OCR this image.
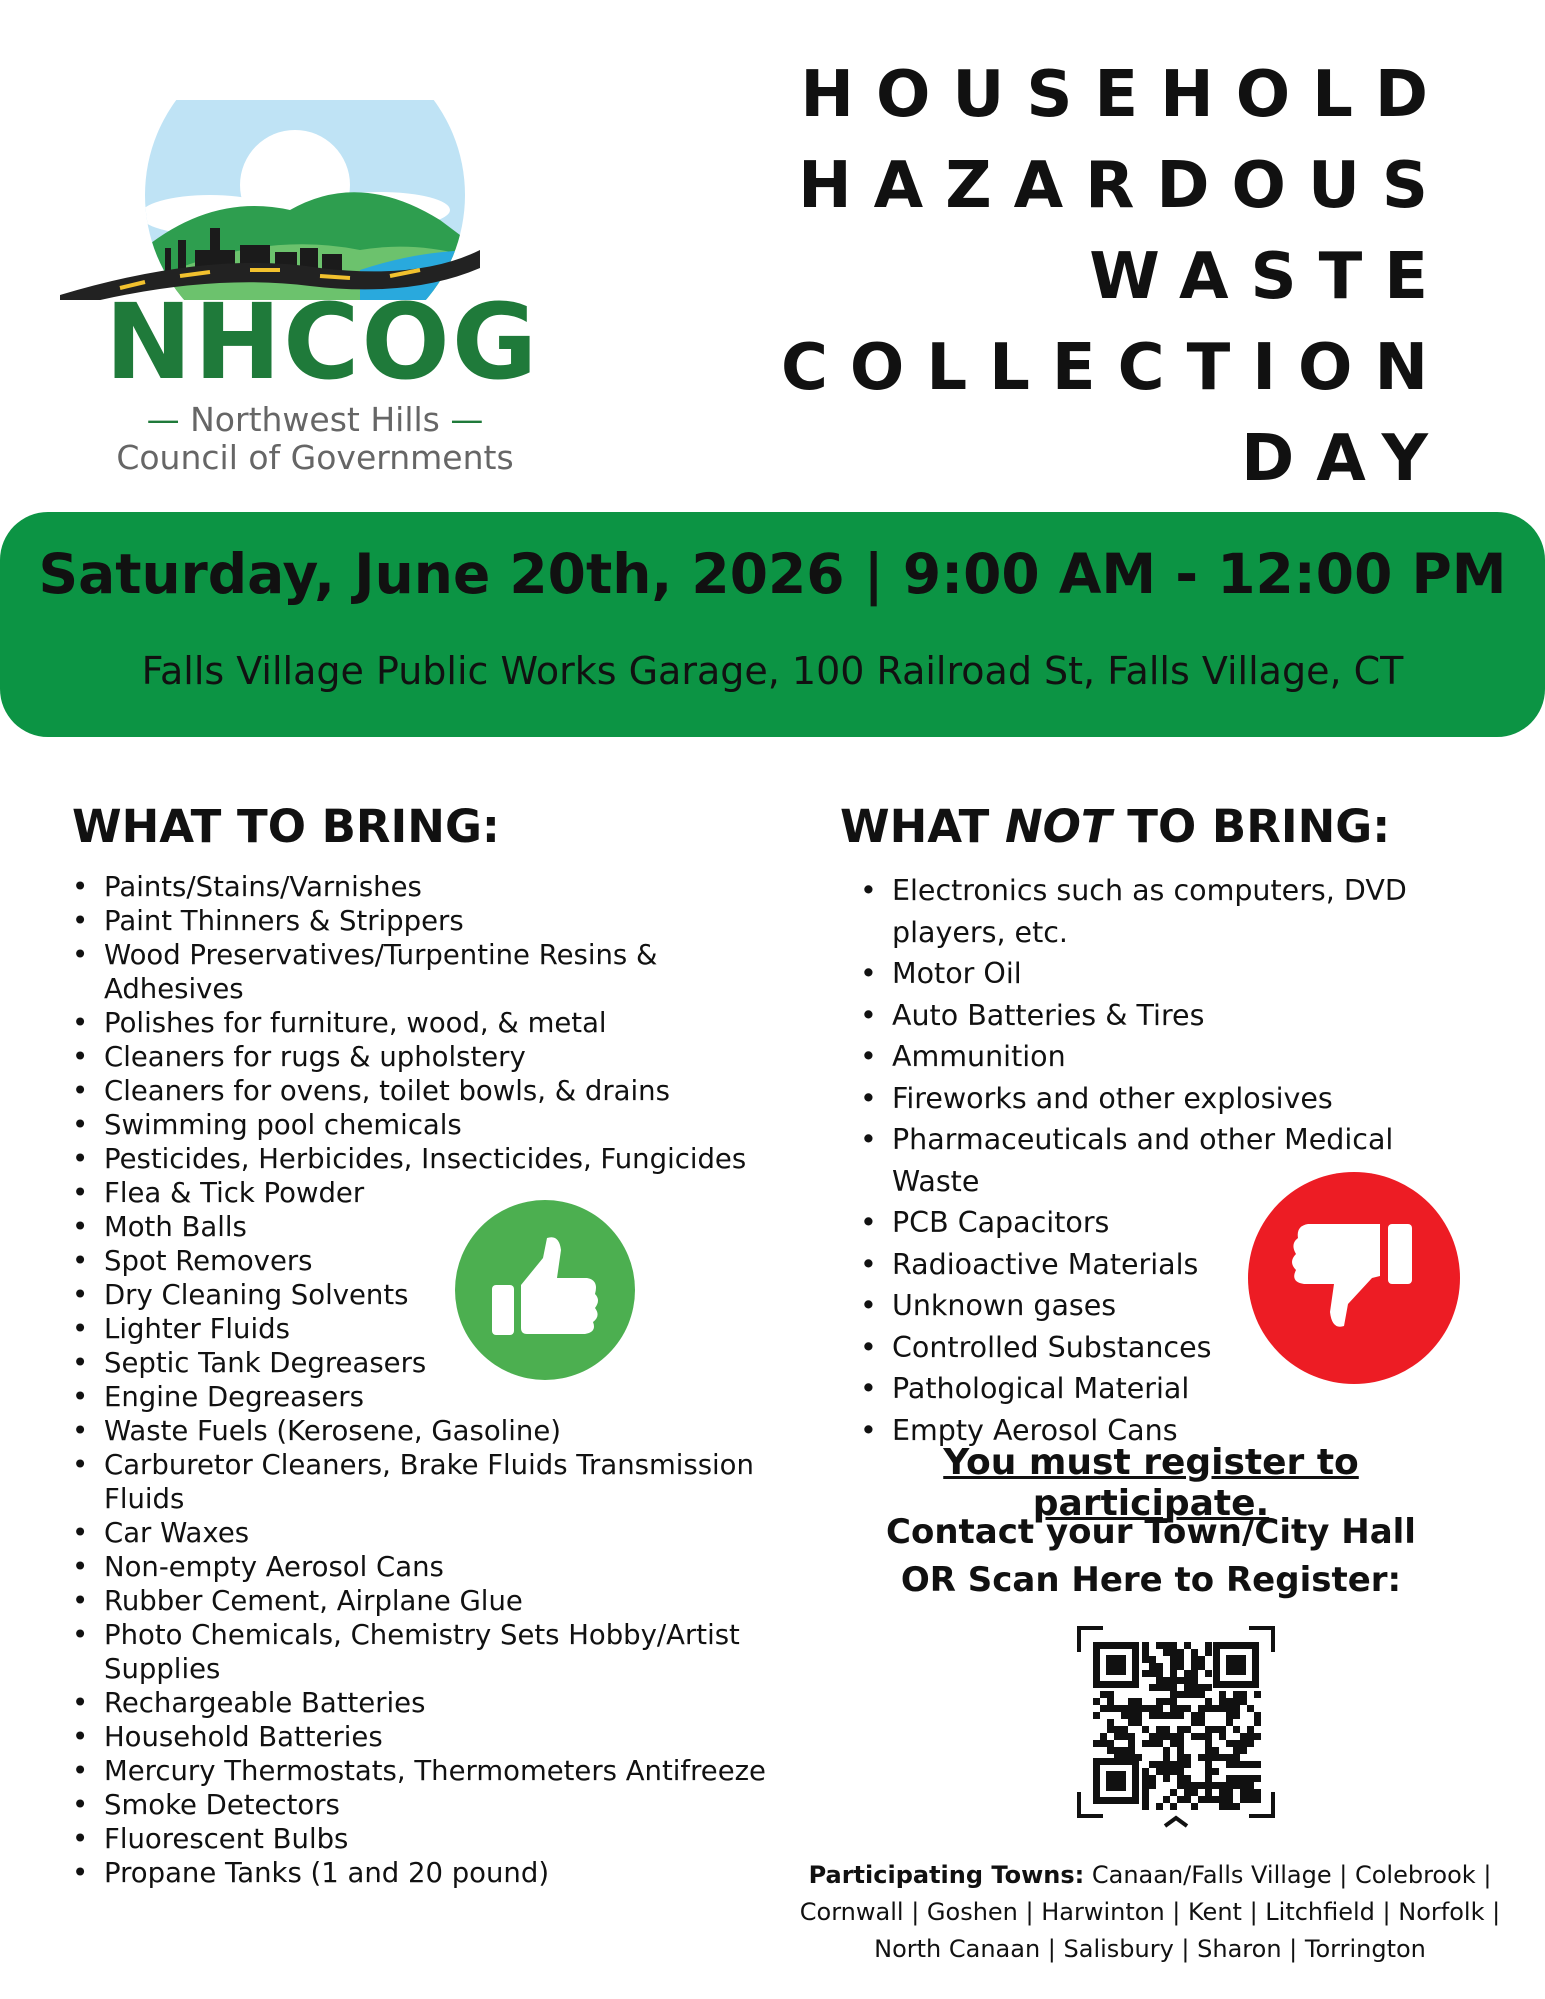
NHCOG
— Northwest Hills —
Council of Governments
HOUSEHOLD
HAZARDOUS
WASTE
COLLECTION
DAY
Saturday, June 20th, 2026 | 9:00 AM - 12:00 PM
Falls Village Public Works Garage, 100 Railroad St, Falls Village, CT
WHAT TO BRING:
• Paints/Stains/Varnishes
• Paint Thinners & Strippers
• Wood Preservatives/Turpentine Resins & Adhesives
• Polishes for furniture, wood, & metal
• Cleaners for rugs & upholstery
• Cleaners for ovens, toilet bowls, & drains
• Swimming pool chemicals
• Pesticides, Herbicides, Insecticides, Fungicides
• Flea & Tick Powder
• Moth Balls
• Spot Removers
• Dry Cleaning Solvents
• Lighter Fluids
• Septic Tank Degreasers
• Engine Degreasers
• Waste Fuels (Kerosene, Gasoline)
• Carburetor Cleaners, Brake Fluids Transmission Fluids
• Car Waxes
• Non-empty Aerosol Cans
• Rubber Cement, Airplane Glue
• Photo Chemicals, Chemistry Sets Hobby/Artist Supplies
• Rechargeable Batteries
• Household Batteries
• Mercury Thermostats, Thermometers Antifreeze
• Smoke Detectors
• Fluorescent Bulbs
• Propane Tanks (1 and 20 pound)
WHAT NOT TO BRING:
• Electronics such as computers, DVD players, etc.
• Motor Oil
• Auto Batteries & Tires
• Ammunition
• Fireworks and other explosives
• Pharmaceuticals and other Medical Waste
• PCB Capacitors
• Radioactive Materials
• Unknown gases
• Controlled Substances
• Pathological Material
• Empty Aerosol Cans
You must register to participate.
Contact your Town/City Hall
OR Scan Here to Register:
Participating Towns: Canaan/Falls Village | Colebrook | Cornwall | Goshen | Harwinton | Kent | Litchfield | Norfolk | North Canaan | Salisbury | Sharon | Torrington
